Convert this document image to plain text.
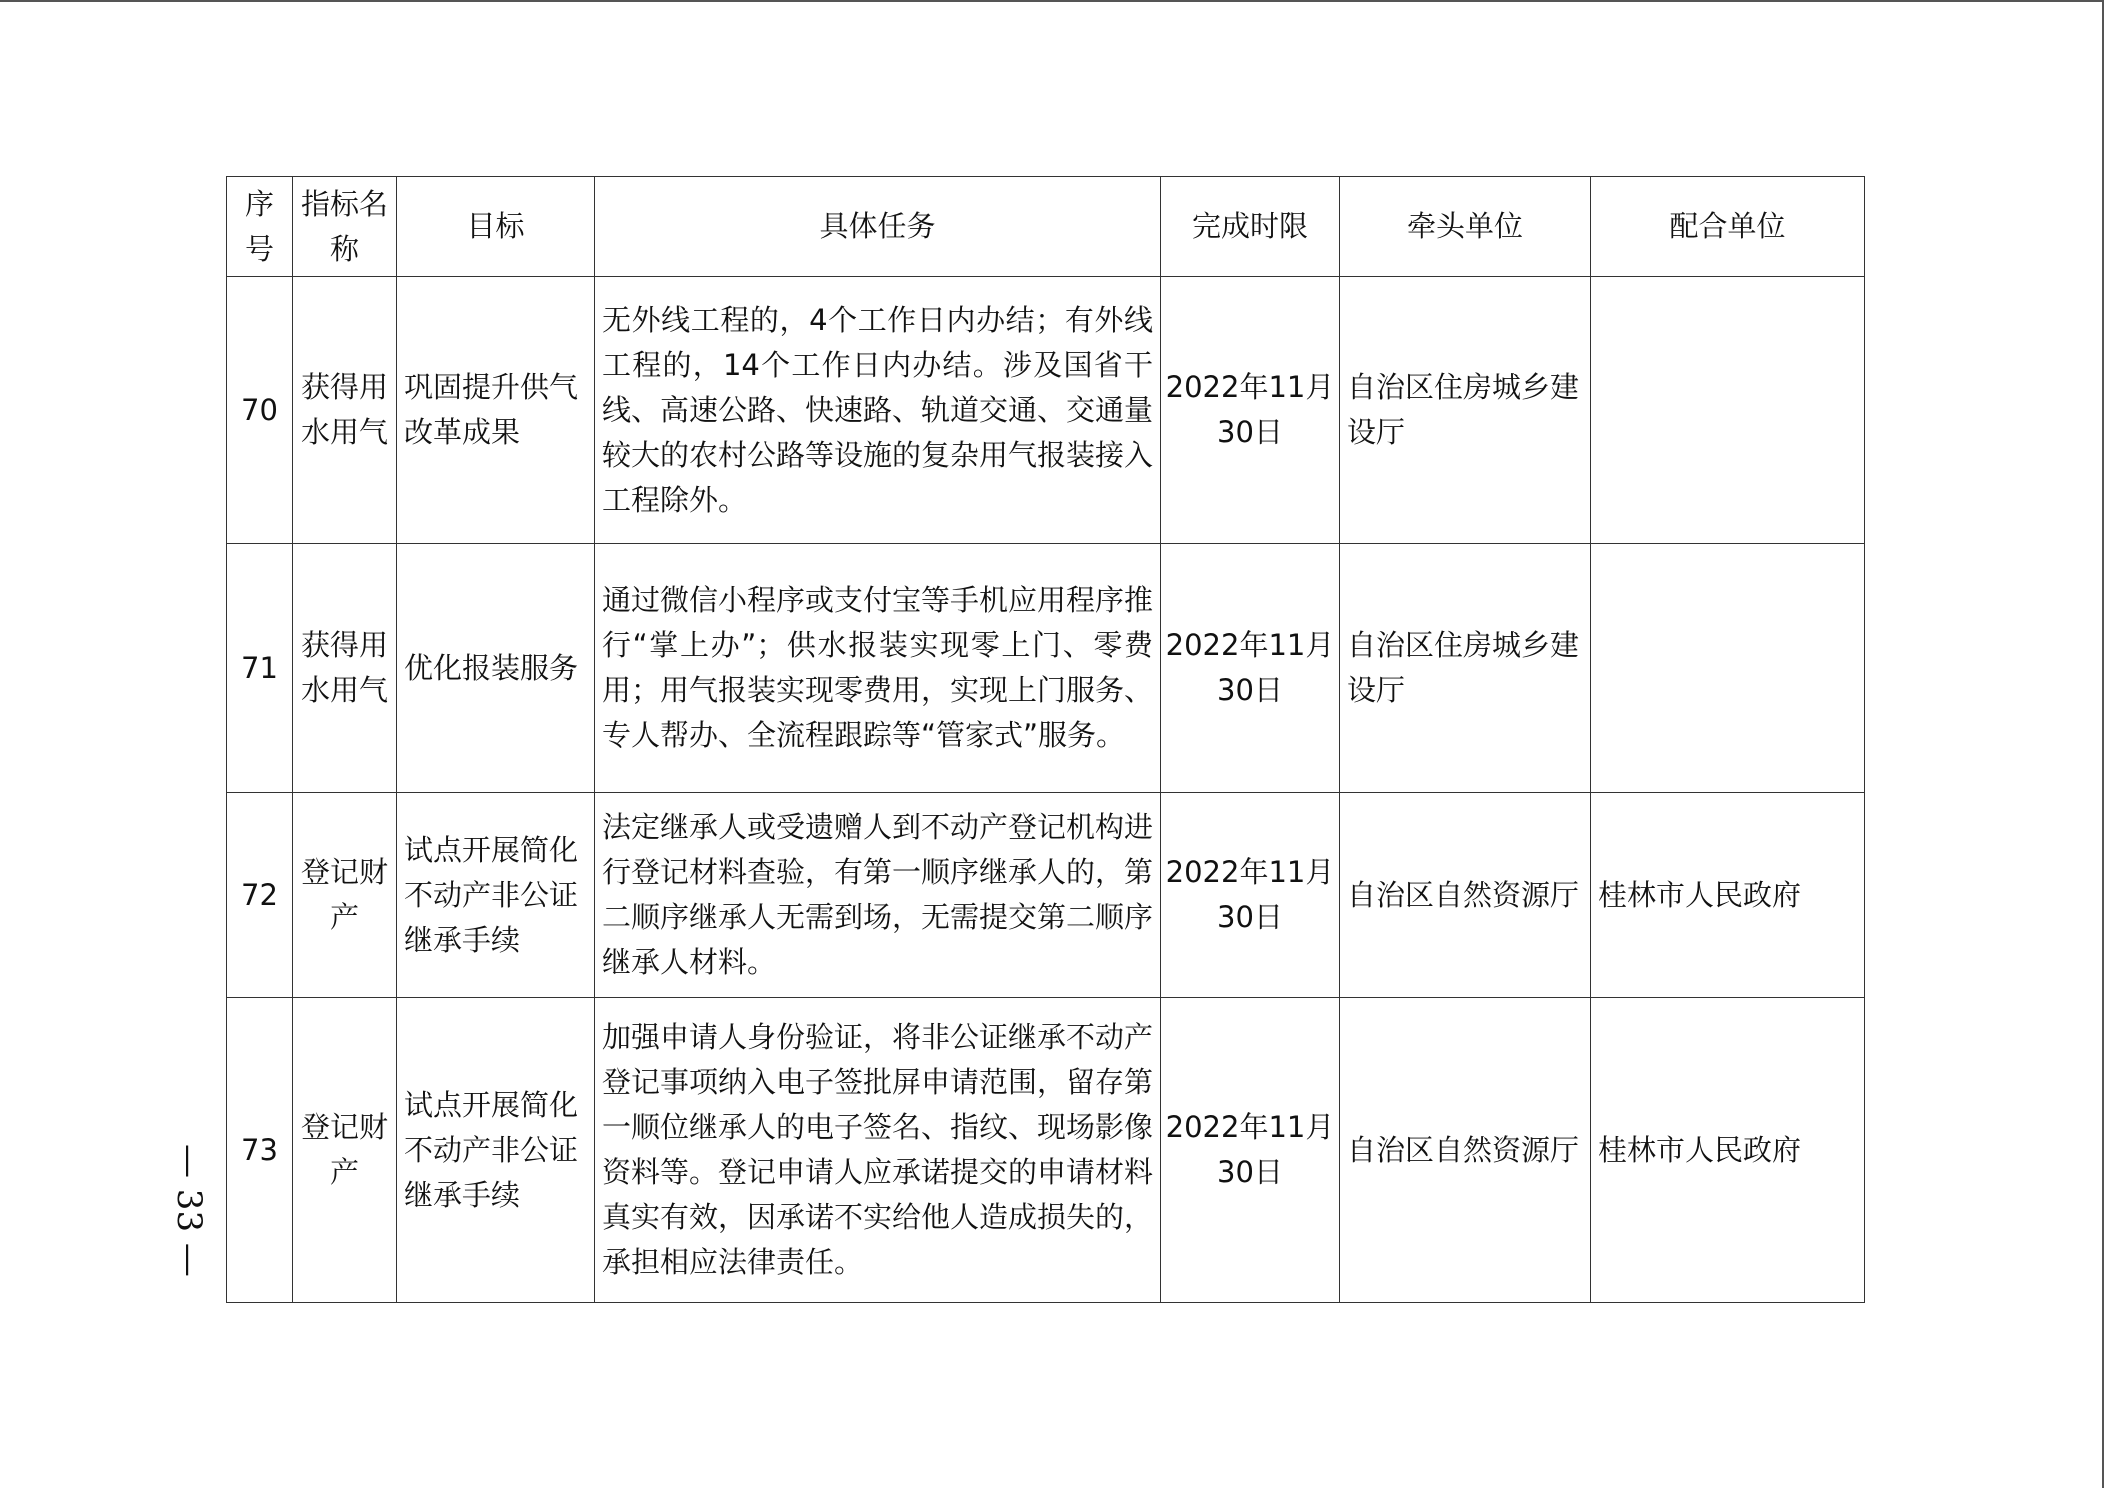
序号	指标名称	目标	具体任务	完成时限	牵头单位	配合单位
70	获得用水用气	巩固提升供气改革成果	无外线工程的，4个工作日内办结；有外线工程的，14个工作日内办结。涉及国省干线、高速公路、快速路、轨道交通、交通量较大的农村公路等设施的复杂用气报装接入工程除外。	2022年11月30日	自治区住房城乡建设厅	
71	获得用水用气	优化报装服务	通过微信小程序或支付宝等手机应用程序推行“掌上办”；供水报装实现零上门、零费用；用气报装实现零费用，实现上门服务、专人帮办、全流程跟踪等“管家式”服务。	2022年11月30日	自治区住房城乡建设厅	
72	登记财产	试点开展简化不动产非公证继承手续	法定继承人或受遗赠人到不动产登记机构进行登记材料查验，有第一顺序继承人的，第二顺序继承人无需到场，无需提交第二顺序继承人材料。	2022年11月30日	自治区自然资源厅	桂林市人民政府
73	登记财产	试点开展简化不动产非公证继承手续	加强申请人身份验证，将非公证继承不动产登记事项纳入电子签批屏申请范围，留存第一顺位继承人的电子签名、指纹、现场影像资料等。登记申请人应承诺提交的申请材料真实有效，因承诺不实给他人造成损失的，承担相应法律责任。	2022年11月30日	自治区自然资源厅	桂林市人民政府
— 33 —
